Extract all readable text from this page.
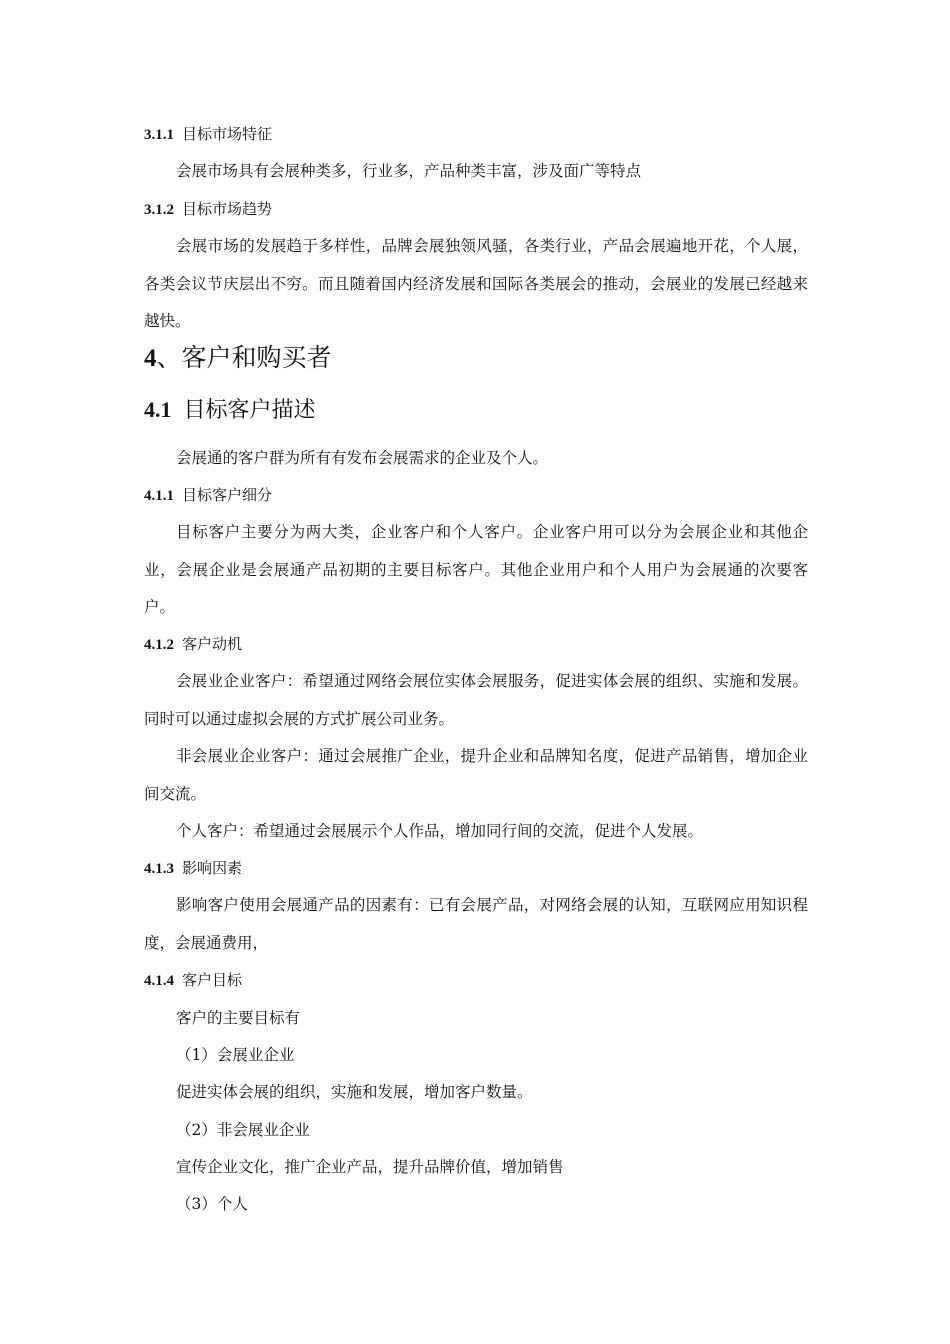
3.1.1 目标市场特征
会展市场具有会展种类多，行业多，产品种类丰富，涉及面广等特点
3.1.2 目标市场趋势
会展市场的发展趋于多样性，品牌会展独领风骚，各类行业，产品会展遍地开花，个人展，各类会议节庆层出不穷。而且随着国内经济发展和国际各类展会的推动，会展业的发展已经越来越快。
4、客户和购买者
4.1 目标客户描述
会展通的客户群为所有有发布会展需求的企业及个人。
4.1.1 目标客户细分
目标客户主要分为两大类，企业客户和个人客户。企业客户用可以分为会展企业和其他企业，会展企业是会展通产品初期的主要目标客户。其他企业用户和个人用户为会展通的次要客户。
4.1.2 客户动机
会展业企业客户：希望通过网络会展位实体会展服务，促进实体会展的组织、实施和发展。同时可以通过虚拟会展的方式扩展公司业务。
非会展业企业客户：通过会展推广企业，提升企业和品牌知名度，促进产品销售，增加企业间交流。
个人客户：希望通过会展展示个人作品，增加同行间的交流，促进个人发展。
4.1.3 影响因素
影响客户使用会展通产品的因素有：已有会展产品，对网络会展的认知，互联网应用知识程度，会展通费用，
4.1.4 客户目标
客户的主要目标有
（1）会展业企业
促进实体会展的组织，实施和发展，增加客户数量。
（2）非会展业企业
宣传企业文化，推广企业产品，提升品牌价值，增加销售
（3）个人
